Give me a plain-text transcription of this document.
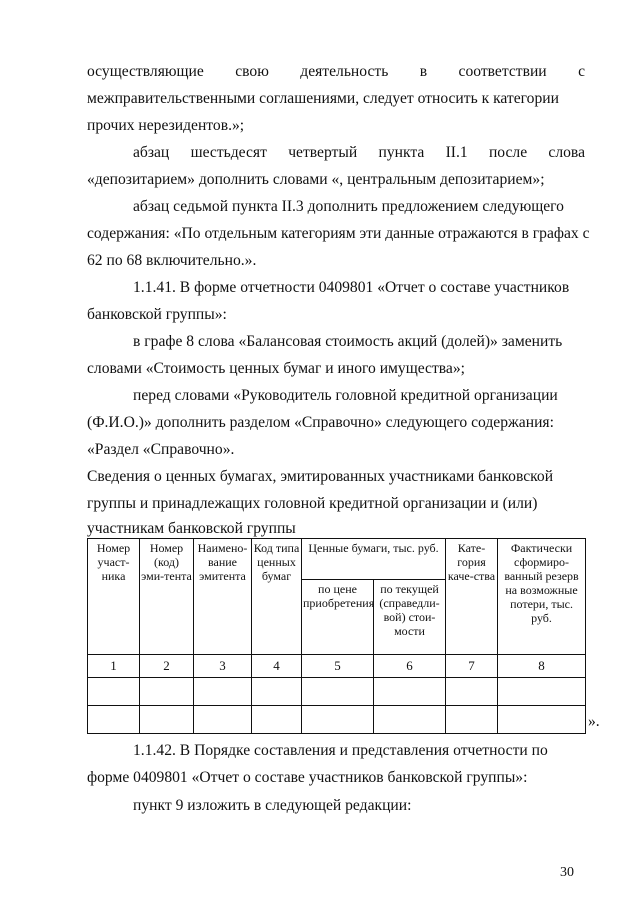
осуществляющие свою деятельность в соответствии с
межправительственными соглашениями, следует относить к категории
прочих нерезидентов.»;
абзац шестьдесят четвертый пункта II.1 после слова
«депозитарием» дополнить словами «, центральным депозитарием»;
абзац седьмой пункта II.3 дополнить предложением следующего
содержания: «По отдельным категориям эти данные отражаются в графах с
62 по 68 включительно.».
1.1.41. В форме отчетности 0409801 «Отчет о составе участников
банковской группы»:
в графе 8 слова «Балансовая стоимость акций (долей)» заменить
словами «Стоимость ценных бумаг и иного имущества»;
перед словами «Руководитель головной кредитной организации
(Ф.И.О.)» дополнить разделом «Справочно» следующего содержания:
«Раздел «Справочно».
Сведения о ценных бумагах, эмитированных участниками банковской
группы и принадлежащих головной кредитной организации и (или)
участникам банковской группы
Номер участ-ника	Номер (код) эми-тента	Наимено-вание эмитента	Код типа ценных бумаг	Ценные бумаги, тыс. руб.		Кате-гория каче-ства	Фактически сформиро-ванный резерв на возможные потери, тыс. руб.
				по цене приобретения	по текущей (справедли-вой) стои-мости		
1	2	3	4	5	6	7	8

».
1.1.42. В Порядке составления и представления отчетности по
форме 0409801 «Отчет о составе участников банковской группы»:
пункт 9 изложить в следующей редакции:
30
